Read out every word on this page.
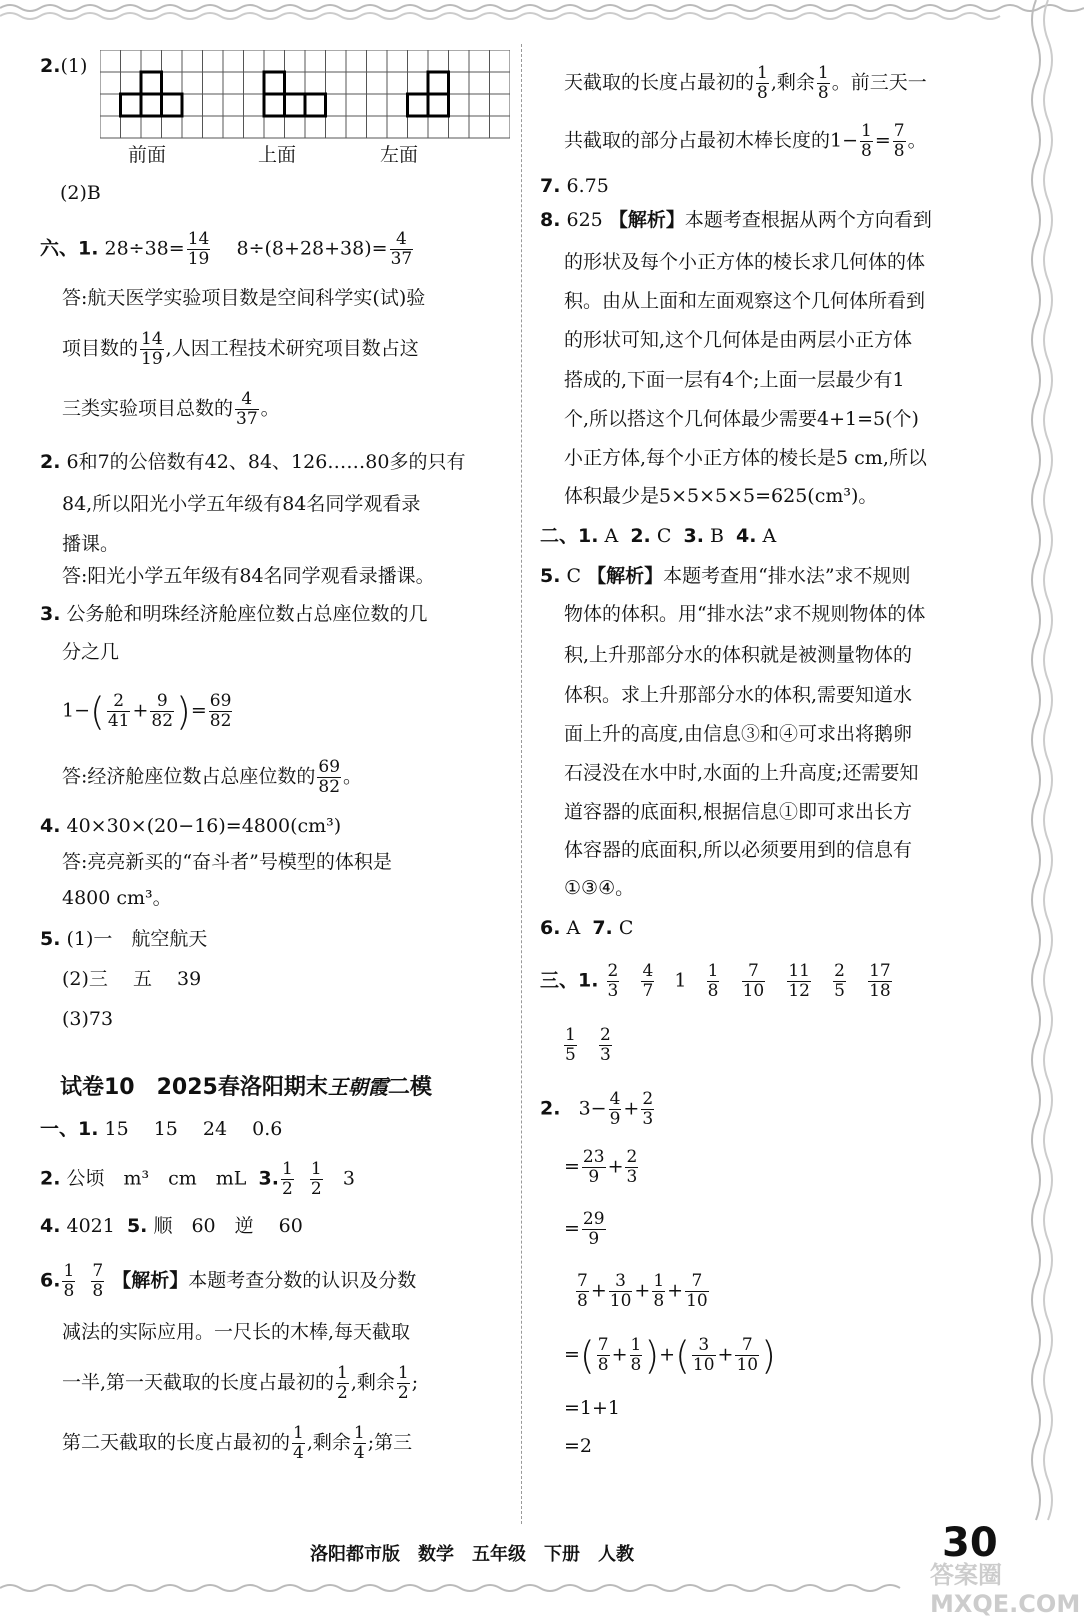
2.(1)
前面	上面	左面
(2)B
六、1. $28\div 38= \frac{14}{19} 8\div(8+28+38)= \frac{4}{37}$
答:航天医学实验项目数是空间科学实(试)验
项目数的 $\frac{14}{19}$ ,人因工程技术研究项目数占这
三类实验项目总数的 $\frac{4}{37}$ 。
2. 6和7的公倍数有42、84、126……80多的只有
84,所以阳光小学五年级有84名同学观看录
播课。
答:阳光小学五年级有84名同学观看录播课。
3. 公务舱和明珠经济舱座位数占总座位数的几
分之几
$1-( \frac{2}{41} + \frac{9}{82}$ )= $\frac{69}{82}$
答:经济舱座位数占总座位数的 $\frac{69}{82}$ 。
4. 40×30×(20−16)=4800(cm³)
答:亮亮新买的“奋斗者”号模型的体积是
4800 cm³。
5. (1)一　航空航天
(2)三　 五　 39
(3)73
试卷10　2025春洛阳期末王朝霞二模
一、1. 15　 15　 24　 0.6
2. 公顷　m³　cm　mL 3. $\frac{1}{2}$
$\frac{1}{2} 3$
4. 4021 5. 顺　60　逆　 60
6. $\frac{1}{8}$
$\frac{7}{8}$ 【解析】本题考查分数的认识及分数
减法的实际应用。一尺长的木棒,每天截取
一半,第一天截取的长度占最初的 $\frac{1}{2}$ ,剩余 $\frac{1}{2}$ ;
第二天截取的长度占最初的 $\frac{1}{4}$ ,剩余 $\frac{1}{4}$ ;第三
天截取的长度占最初的 $\frac{1}{8}$ ,剩余 $\frac{1}{8}$ 。前三天一
共截取的部分占最初木棒长度的$1- \frac{1}{8} = \frac{7}{8}$ 。
7. 6.75
8. 625 【解析】本题考查根据从两个方向看到
的形状及每个小正方体的棱长求几何体的体
积。由从上面和左面观察这个几何体所看到
的形状可知,这个几何体是由两层小正方体
搭成的,下面一层有4个;上面一层最少有1
个,所以搭这个几何体最少需要4+1=5(个)
小正方体,每个小正方体的棱长是5 cm,所以
体积最少是5×5×5×5=625(cm³)。
二、1. A 2. C 3. B 4. A
5. C 【解析】本题考查用“排水法”求不规则
物体的体积。用“排水法”求不规则物体的体
积,上升那部分水的体积就是被测量物体的
体积。求上升那部分水的体积,需要知道水
面上升的高度,由信息③和④可求出将鹅卵
石浸没在水中时,水面的上升高度;还需要知
道容器的底面积,根据信息①即可求出长方
体容器的底面积,所以必须要用到的信息有
①③④。
6. A 7. C
三、1. $\frac{2}{3}$
$\frac{4}{7} 1 \frac{1}{8}$
$\frac{7}{10}$
$\frac{11}{12}$
$\frac{2}{5}$
$\frac{17}{18}$
$\frac{1}{5}$
$\frac{2}{3}$
2. $3- \frac{4}{9} + \frac{2}{3}$
= $\frac{23}{9} + \frac{2}{3}$
= $\frac{29}{9}$
$\frac{7}{8} + \frac{3}{10} + \frac{1}{8} + \frac{7}{10}$
=( $\frac{7}{8} + \frac{1}{8}$ )+( $\frac{3}{10} + \frac{7}{10}$ )
=1+1
=2
洛阳都市版　数学　五年级　下册　人教	30
答案圈 MXQE.COM
